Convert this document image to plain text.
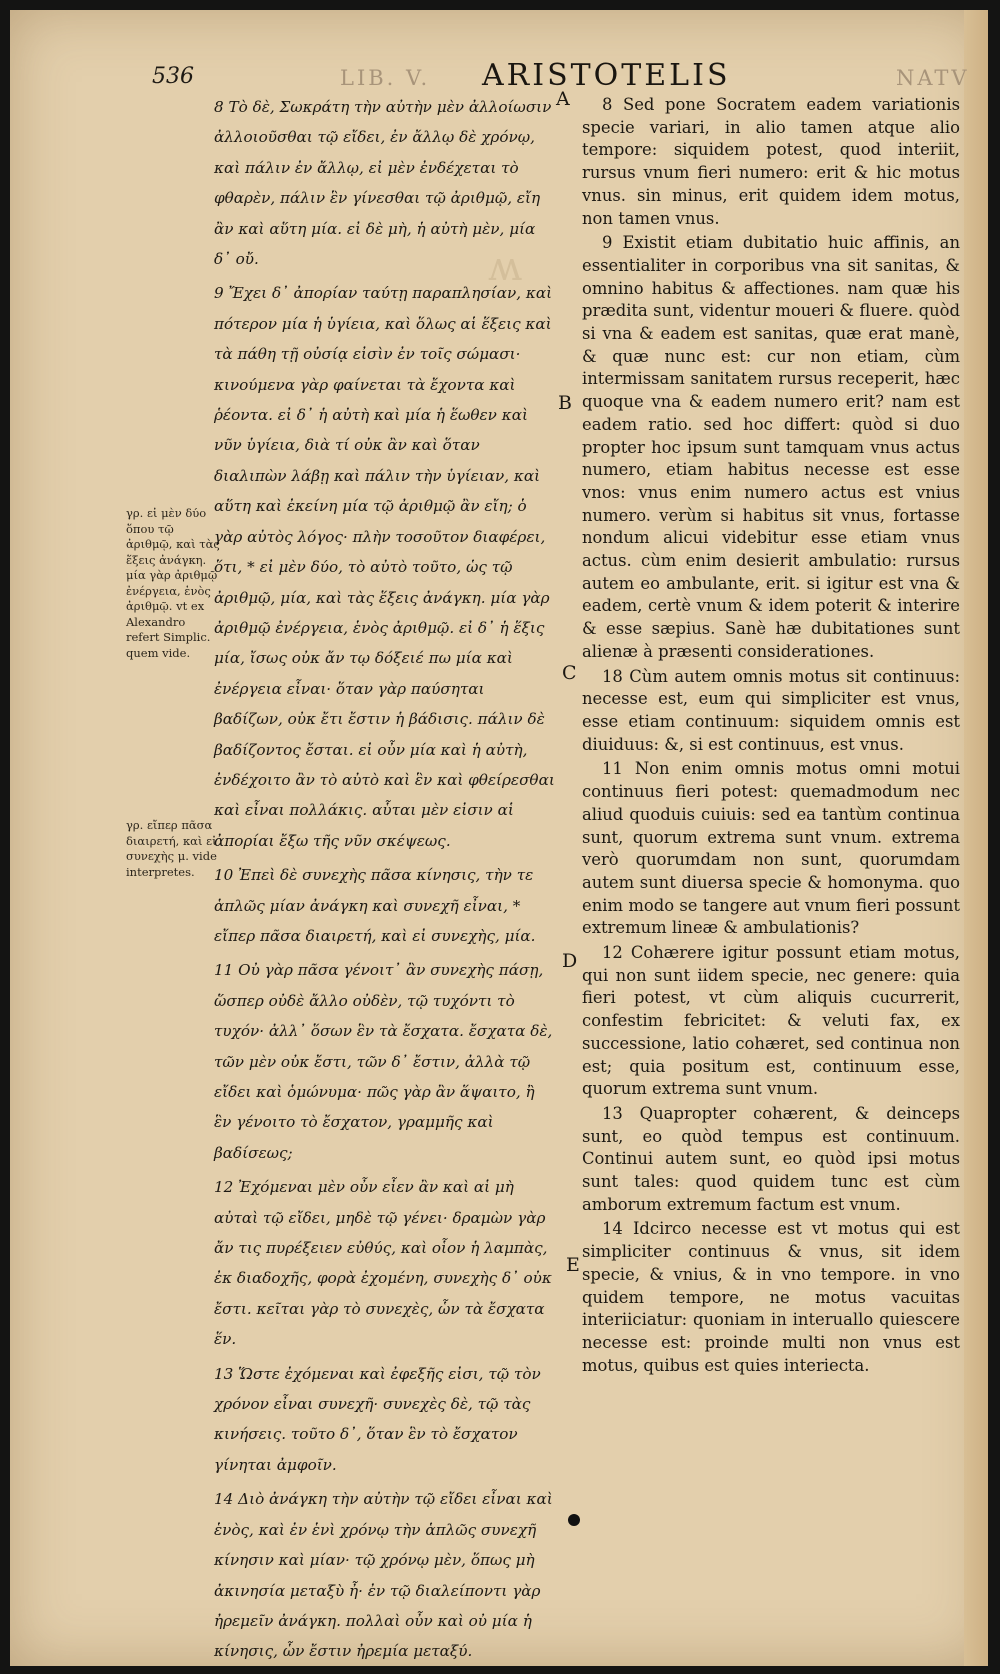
536	LIB. V. ARISTOTELIS	NATV
ʍ

8 Τὸ δὲ, Σωκράτη τὴν αὐτὴν μὲν ἀλλοίωσιν ἀλλοιοῦσθαι τῷ εἴδει, ἐν ἄλλῳ δὲ χρόνῳ, καὶ πάλιν ἐν ἄλλῳ, εἰ μὲν ἐνδέχεται τὸ φθαρὲν, πάλιν ἓν γίνεσθαι τῷ ἀριθμῷ, εἴη ἂν καὶ αὕτη μία. εἰ δὲ μὴ, ἡ αὐτὴ μὲν, μία δ᾽ οὔ.

9 Ἔχει δ᾽ ἀπορίαν ταύτῃ παραπλησίαν, καὶ πότερον μία ἡ ὑγίεια, καὶ ὅλως αἱ ἕξεις καὶ τὰ πάθη τῇ οὐσίᾳ εἰσὶν ἐν τοῖς σώμασι· κινούμενα γὰρ φαίνεται τὰ ἔχοντα καὶ ῥέοντα. εἰ δ᾽ ἡ αὐτὴ καὶ μία ἡ ἕωθεν καὶ νῦν ὑγίεια, διὰ τί οὐκ ἂν καὶ ὅταν διαλιπὼν λάβῃ καὶ πάλιν τὴν ὑγίειαν, καὶ αὕτη καὶ ἐκείνη μία τῷ ἀριθμῷ ἂν εἴη; ὁ γὰρ αὐτὸς λόγος· πλὴν τοσοῦτον διαφέρει, ὅτι, * εἰ μὲν δύο, τὸ αὐτὸ τοῦτο, ὡς τῷ ἀριθμῷ, μία, καὶ τὰς ἕξεις ἀνάγκη. μία γὰρ ἀριθμῷ ἐνέργεια, ἑνὸς ἀριθμῷ. εἰ δ᾽ ἡ ἕξις μία, ἴσως οὐκ ἄν τῳ δόξειέ πω μία καὶ ἐνέργεια εἶναι· ὅταν γὰρ παύσηται βαδίζων, οὐκ ἔτι ἔστιν ἡ βάδισις. πάλιν δὲ βαδίζοντος ἔσται. εἰ οὖν μία καὶ ἡ αὐτὴ, ἐνδέχοιτο ἂν τὸ αὐτὸ καὶ ἓν καὶ φθείρεσθαι καὶ εἶναι πολλάκις. αὗται μὲν εἰσιν αἱ ἀπορίαι ἔξω τῆς νῦν σκέψεως.

10 Ἐπεὶ δὲ συνεχὴς πᾶσα κίνησις, τὴν τε ἁπλῶς μίαν ἀνάγκη καὶ συνεχῆ εἶναι, * εἴπερ πᾶσα διαιρετή, καὶ εἰ συνεχὴς, μία.

11 Οὐ γὰρ πᾶσα γένοιτ᾽ ἂν συνεχὴς πάσῃ, ὥσπερ οὐδὲ ἄλλο οὐδὲν, τῷ τυχόντι τὸ τυχόν· ἀλλ᾽ ὅσων ἓν τὰ ἔσχατα. ἔσχατα δὲ, τῶν μὲν οὐκ ἔστι, τῶν δ᾽ ἔστιν, ἀλλὰ τῷ εἴδει καὶ ὁμώνυμα· πῶς γὰρ ἂν ἅψαιτο, ἢ ἓν γένοιτο τὸ ἔσχατον, γραμμῆς καὶ βαδίσεως;

12 Ἐχόμεναι μὲν οὖν εἶεν ἂν καὶ αἱ μὴ αὐταὶ τῷ εἴδει, μηδὲ τῷ γένει· δραμὼν γὰρ ἄν τις πυρέξειεν εὐθύς, καὶ οἷον ἡ λαμπὰς, ἐκ διαδοχῆς, φορὰ ἐχομένη, συνεχὴς δ᾽ οὐκ ἔστι. κεῖται γὰρ τὸ συνεχὲς, ὧν τὰ ἔσχατα ἕν.

13 Ὥστε ἐχόμεναι καὶ ἐφεξῆς εἰσι, τῷ τὸν χρόνον εἶναι συνεχῆ· συνεχὲς δὲ, τῷ τὰς κινήσεις. τοῦτο δ᾽, ὅταν ἓν τὸ ἔσχατον γίνηται ἀμφοῖν.

14 Διὸ ἀνάγκη τὴν αὐτὴν τῷ εἴδει εἶναι καὶ ἑνὸς, καὶ ἐν ἑνὶ χρόνῳ τὴν ἁπλῶς συνεχῆ κίνησιν καὶ μίαν· τῷ χρόνῳ μὲν, ὅπως μὴ ἀκινησία μεταξὺ ἦ· ἐν τῷ διαλείποντι γὰρ ἠρεμεῖν ἀνάγκη. πολλαὶ οὖν καὶ οὐ μία ἡ κίνησις, ὧν ἔστιν ἠρεμία μεταξύ.

γρ. εἰ μὲν δύο ὅπου τῷ ἀριθμῷ, καὶ τὰς ἕξεις ἀνάγκη. μία γὰρ ἀριθμῷ ἐνέργεια, ἑνὸς ἀριθμῷ. vt ex Alexandro refert Simplic. quem vide.
γρ. εἴπερ πᾶσα διαιρετή, καὶ εἰ συνεχὴς μ. vide interpretes.
A
B
C
D
E

8 Sed pone Socratem eadem variationis specie variari, in alio tamen atque alio tempore: siquidem potest, quod interiit, rursus vnum fieri numero: erit & hic motus vnus. sin minus, erit quidem idem motus, non tamen vnus.

9 Existit etiam dubitatio huic affinis, an essentialiter in corporibus vna sit sanitas, & omnino habitus & affectiones. nam quæ his prædita sunt, videntur moueri & fluere. quòd si vna & eadem est sanitas, quæ erat manè, & quæ nunc est: cur non etiam, cùm intermissam sanitatem rursus receperit, hæc quoque vna & eadem numero erit? nam est eadem ratio. sed hoc differt: quòd si duo propter hoc ipsum sunt tamquam vnus actus numero, etiam habitus necesse est esse vnos: vnus enim numero actus est vnius numero. verùm si habitus sit vnus, fortasse nondum alicui videbitur esse etiam vnus actus. cùm enim desierit ambulatio: rursus autem eo ambulante, erit. si igitur est vna & eadem, certè vnum & idem poterit & interire & esse sæpius. Sanè hæ dubitationes sunt alienæ à præsenti considerationes.

18 Cùm autem omnis motus sit continuus: necesse est, eum qui simpliciter est vnus, esse etiam continuum: siquidem omnis est diuiduus: &, si est continuus, est vnus.

11 Non enim omnis motus omni motui continuus fieri potest: quemadmodum nec aliud quoduis cuiuis: sed ea tantùm continua sunt, quorum extrema sunt vnum. extrema verò quorumdam non sunt, quorumdam autem sunt diuersa specie & homonyma. quo enim modo se tangere aut vnum fieri possunt extremum lineæ & ambulationis?

12 Cohærere igitur possunt etiam motus, qui non sunt iidem specie, nec genere: quia fieri potest, vt cùm aliquis cucurrerit, confestim febricitet: & veluti fax, ex successione, latio cohæret, sed continua non est; quia positum est, continuum esse, quorum extrema sunt vnum.

13 Quapropter cohærent, & deinceps sunt, eo quòd tempus est continuum. Continui autem sunt, eo quòd ipsi motus sunt tales: quod quidem tunc est cùm amborum extremum factum est vnum.

14 Idcirco necesse est vt motus qui est simpliciter continuus & vnus, sit idem specie, & vnius, & in vno tempore. in vno quidem tempore, ne motus vacuitas interiiciatur: quoniam in interuallo quiescere necesse est: proinde multi non vnus est motus, quibus est quies interiecta.
